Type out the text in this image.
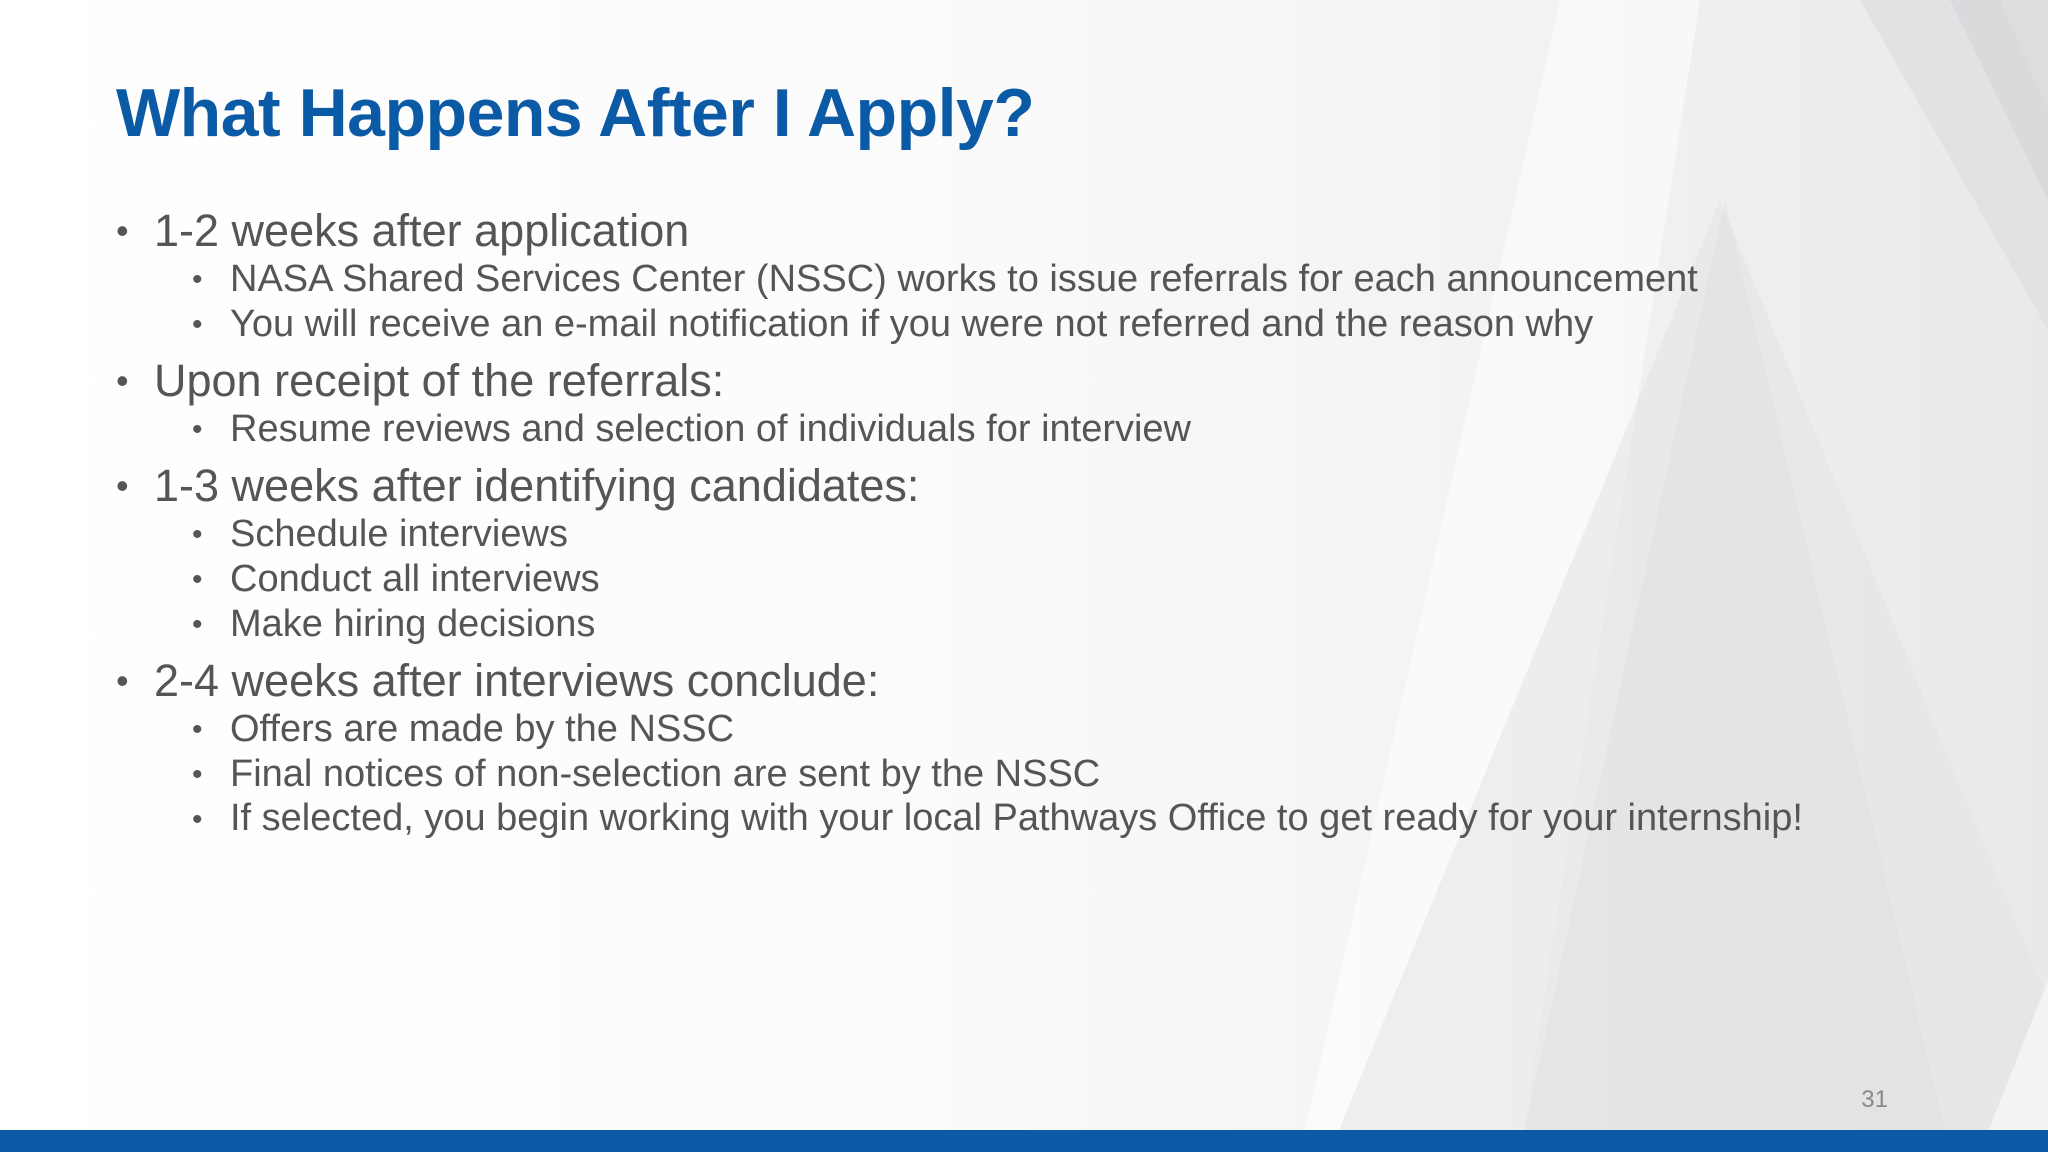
What Happens After I Apply?
• 1-2 weeks after application
• NASA Shared Services Center (NSSC) works to issue referrals for each announcement
• You will receive an e-mail notification if you were not referred and the reason why
• Upon receipt of the referrals:
• Resume reviews and selection of individuals for interview
• 1-3 weeks after identifying candidates:
• Schedule interviews
• Conduct all interviews
• Make hiring decisions
• 2-4 weeks after interviews conclude:
• Offers are made by the NSSC
• Final notices of non-selection are sent by the NSSC
• If selected, you begin working with your local Pathways Office to get ready for your internship!
31
